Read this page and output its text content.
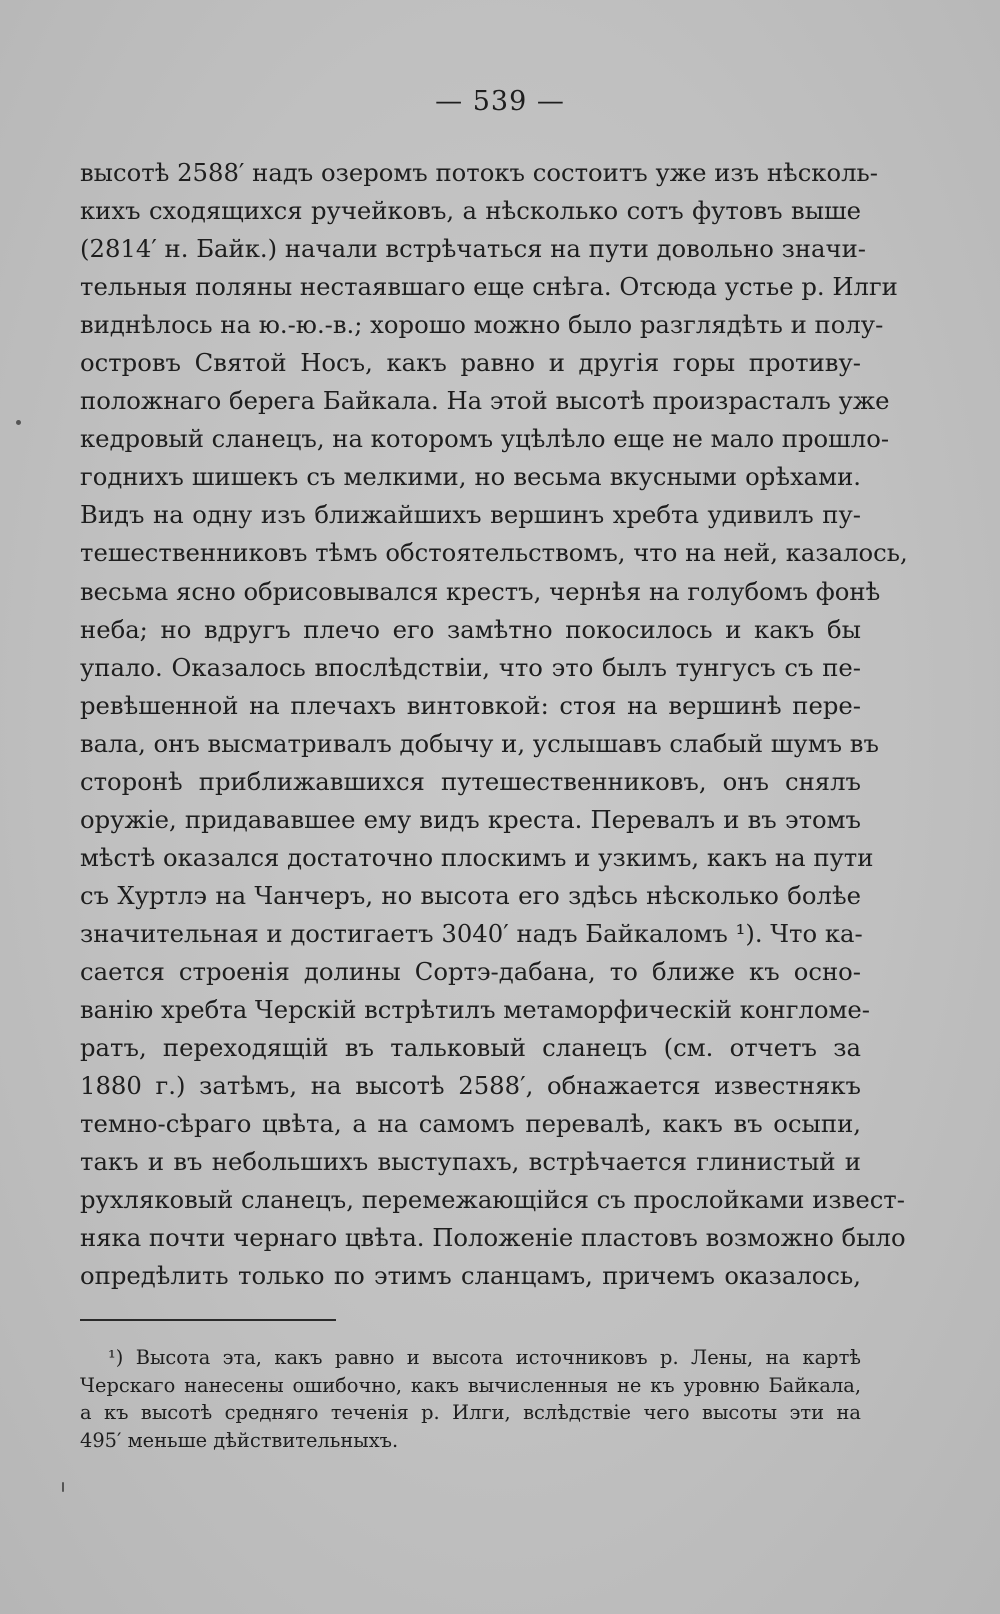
— 539 —
высотѣ 2588′ надъ озеромъ потокъ состоитъ уже изъ нѣсколь-
кихъ сходящихся ручейковъ, а нѣсколько сотъ футовъ выше
(2814′ н. Байк.) начали встрѣчаться на пути довольно значи-
тельныя поляны нестаявшаго еще снѣга. Отсюда устье р. Илги
виднѣлось на ю.-ю.-в.; хорошо можно было разглядѣть и полу-
островъ Святой Носъ, какъ равно и другія горы противу-
положнаго берега Байкала. На этой высотѣ произрасталъ уже
кедровый сланецъ, на которомъ уцѣлѣло еще не мало прошло-
годнихъ шишекъ съ мелкими, но весьма вкусными орѣхами.
Видъ на одну изъ ближайшихъ вершинъ хребта удивилъ пу-
тешественниковъ тѣмъ обстоятельствомъ, что на ней, казалось,
весьма ясно обрисовывался крестъ, чернѣя на голубомъ фонѣ
неба; но вдругъ плечо его замѣтно покосилось и какъ бы
упало. Оказалось впослѣдствіи, что это былъ тунгусъ съ пе-
ревѣшенной на плечахъ винтовкой: стоя на вершинѣ пере-
вала, онъ высматривалъ добычу и, услышавъ слабый шумъ въ
сторонѣ приближавшихся путешественниковъ, онъ снялъ
оружіе, придававшее ему видъ креста. Перевалъ и въ этомъ
мѣстѣ оказался достаточно плоскимъ и узкимъ, какъ на пути
съ Хуртлэ на Чанчеръ, но высота его здѣсь нѣсколько болѣе
значительная и достигаетъ 3040′ надъ Байкаломъ ¹). Что ка-
сается строенія долины Сортэ-дабана, то ближе къ осно-
ванію хребта Черскій встрѣтилъ метаморфическій конгломе-
ратъ, переходящій въ тальковый сланецъ (см. отчетъ за
1880 г.) затѣмъ, на высотѣ 2588′, обнажается известнякъ
темно-сѣраго цвѣта, а на самомъ перевалѣ, какъ въ осыпи,
такъ и въ небольшихъ выступахъ, встрѣчается глинистый и
рухляковый сланецъ, перемежающійся съ прослойками извест-
няка почти чернаго цвѣта. Положеніе пластовъ возможно было
опредѣлить только по этимъ сланцамъ, причемъ оказалось,
¹) Высота эта, какъ равно и высота источниковъ р. Лены, на картѣ
Черскаго нанесены ошибочно, какъ вычисленныя не къ уровню Байкала,
а къ высотѣ средняго теченія р. Илги, вслѣдствіе чего высоты эти на
495′ меньше дѣйствительныхъ.
